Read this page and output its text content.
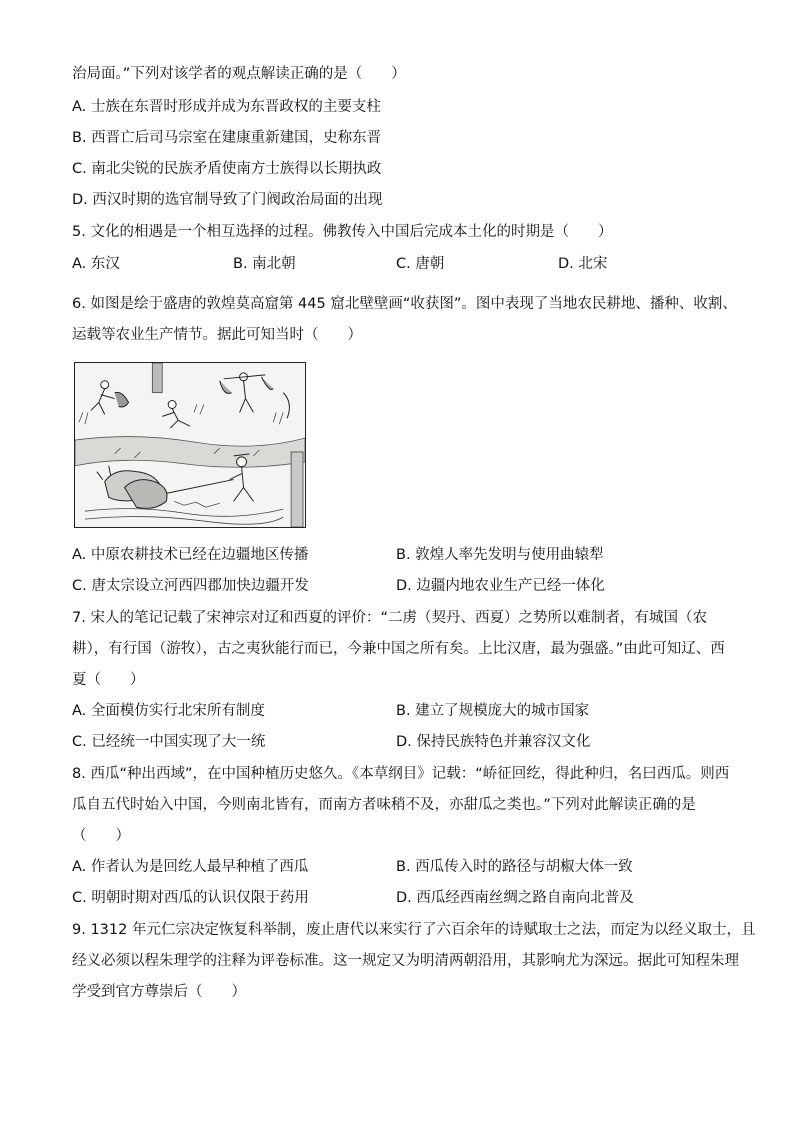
治局面。”下列对该学者的观点解读正确的是（　　）
A. 士族在东晋时形成并成为东晋政权的主要支柱
B. 西晋亡后司马宗室在建康重新建国，史称东晋
C. 南北尖锐的民族矛盾使南方士族得以长期执政
D. 西汉时期的选官制导致了门阀政治局面的出现
5. 文化的相遇是一个相互选择的过程。佛教传入中国后完成本土化的时期是（　　）
A. 东汉	B. 南北朝	C. 唐朝	D. 北宋
6. 如图是绘于盛唐的敦煌莫高窟第 445 窟北壁壁画“收获图”。图中表现了当地农民耕地、播种、收割、
运载等农业生产情节。据此可知当时（　　）
A. 中原农耕技术已经在边疆地区传播	B. 敦煌人率先发明与使用曲辕犁
C. 唐太宗设立河西四郡加快边疆开发	D. 边疆内地农业生产已经一体化
7. 宋人的笔记记载了宋神宗对辽和西夏的评价：“二虏（契丹、西夏）之势所以难制者，有城国（农
耕），有行国（游牧），古之夷狄能行而已，今兼中国之所有矣。上比汉唐，最为强盛。”由此可知辽、西
夏（　　）
A. 全面模仿实行北宋所有制度	B. 建立了规模庞大的城市国家
C. 已经统一中国实现了大一统	D. 保持民族特色并兼容汉文化
8. 西瓜“种出西域”，在中国种植历史悠久。《本草纲目》记载：“峤征回纥，得此种归，名曰西瓜。则西
瓜自五代时始入中国，今则南北皆有，而南方者味稍不及，亦甜瓜之类也。”下列对此解读正确的是
（　　）
A. 作者认为是回纥人最早种植了西瓜	B. 西瓜传入时的路径与胡椒大体一致
C. 明朝时期对西瓜的认识仅限于药用	D. 西瓜经西南丝绸之路自南向北普及
9. 1312 年元仁宗决定恢复科举制，废止唐代以来实行了六百余年的诗赋取士之法，而定为以经义取士，且
经义必须以程朱理学的注释为评卷标准。这一规定又为明清两朝沿用，其影响尤为深远。据此可知程朱理
学受到官方尊崇后（　　）
